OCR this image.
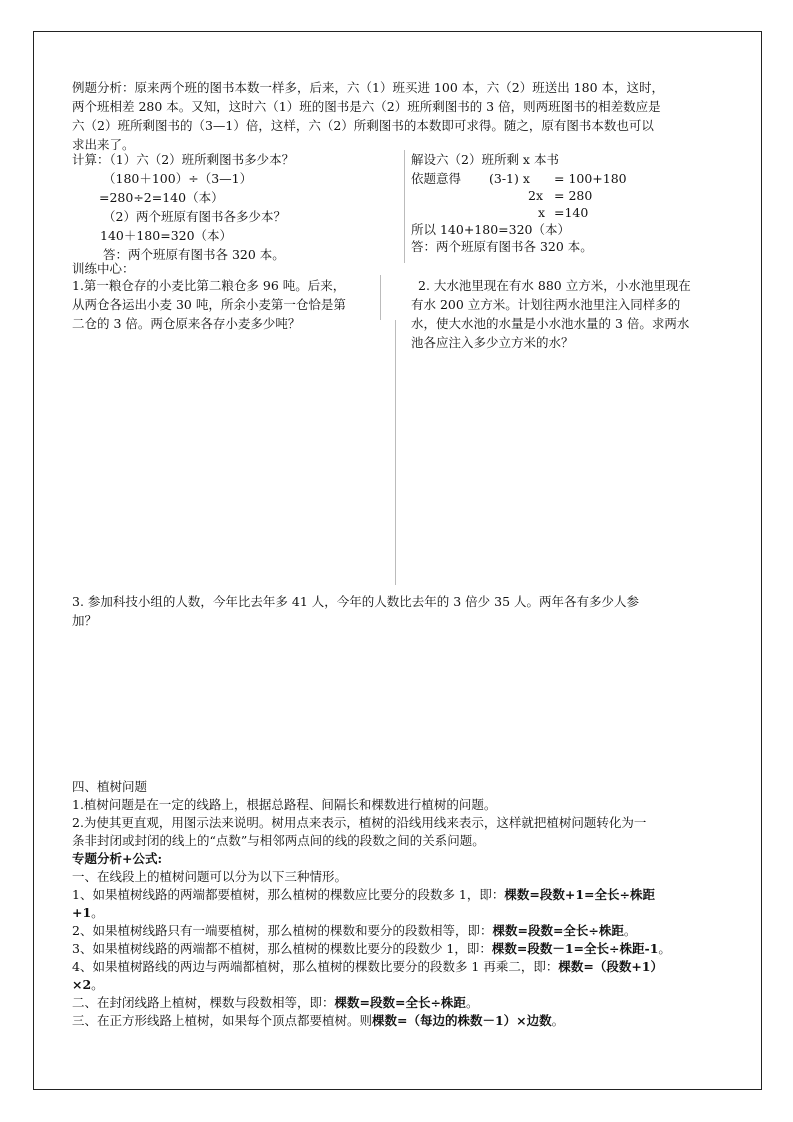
例题分析：原来两个班的图书本数一样多，后来，六（1）班买进 100 本，六（2）班送出 180 本，这时，
两个班相差 280 本。又知，这时六（1）班的图书是六（2）班所剩图书的 3 倍，则两班图书的相差数应是
六（2）班所剩图书的（3—1）倍，这样，六（2）所剩图书的本数即可求得。随之，原有图书本数也可以
求出来了。
计算：（1）六（2）班所剩图书多少本？
（180＋100）÷（3—1）
=280÷2=140（本）
（2）两个班原有图书各多少本？
140＋180=320（本）
答：两个班原有图书各 320 本。
解设六（2）班所剩 x 本书
依题意得 (3-1) x = 100+180
2x = 280
x =140
所以 140+180=320（本）
答：两个班原有图书各 320 本。
训练中心：
1.第一粮仓存的小麦比第二粮仓多 96 吨。后来，
从两仓各运出小麦 30 吨，所余小麦第一仓恰是第
二仓的 3 倍。两仓原来各存小麦多少吨？
2. 大水池里现在有水 880 立方米，小水池里现在
有水 200 立方米。计划往两水池里注入同样多的
水，使大水池的水量是小水池水量的 3 倍。求两水
池各应注入多少立方米的水？
3. 参加科技小组的人数，今年比去年多 41 人，今年的人数比去年的 3 倍少 35 人。两年各有多少人参
加？
四、植树问题
1.植树问题是在一定的线路上，根据总路程、间隔长和棵数进行植树的问题。
2.为使其更直观，用图示法来说明。树用点来表示，植树的沿线用线来表示，这样就把植树问题转化为一
条非封闭或封闭的线上的“点数”与相邻两点间的线的段数之间的关系问题。
专题分析+公式:
一、在线段上的植树问题可以分为以下三种情形。
1、如果植树线路的两端都要植树，那么植树的棵数应比要分的段数多 1，即：棵数=段数+1=全长÷株距
+1。
2、如果植树线路只有一端要植树，那么植树的棵数和要分的段数相等，即：棵数=段数=全长÷株距。
3、如果植树线路的两端都不植树，那么植树的棵数比要分的段数少 1，即：棵数=段数－1=全长÷株距-1。
4、如果植树路线的两边与两端都植树，那么植树的棵数比要分的段数多 1 再乘二，即：棵数=（段数+1）
×2。
二、在封闭线路上植树，棵数与段数相等，即：棵数=段数=全长÷株距。
三、在正方形线路上植树，如果每个顶点都要植树。则棵数=（每边的株数－1）×边数。
